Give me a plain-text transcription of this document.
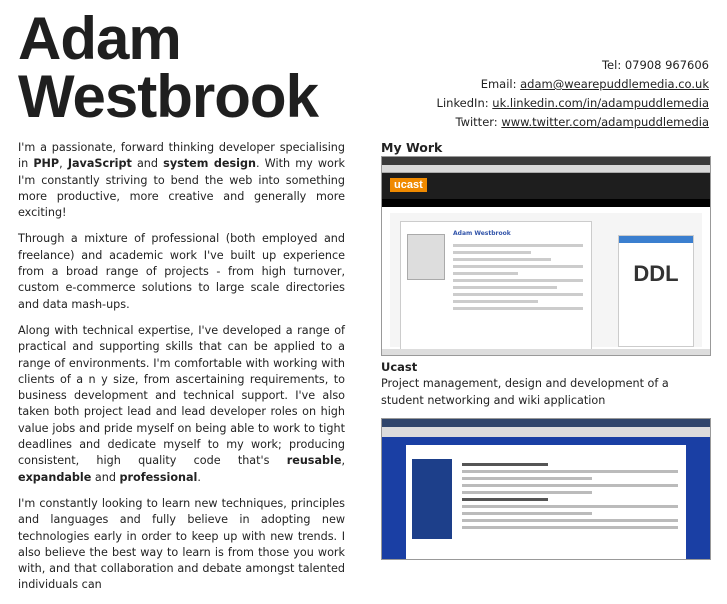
Adam
Westbrook	Tel: 07908 967606
Email: adam@wearepuddlemedia.co.uk
LinkedIn: uk.linkedin.com/in/adampuddlemedia
Twitter: www.twitter.com/adampuddlemedia

I'm a passionate, forward thinking developer specialising in PHP, JavaScript and system design. With my work I'm constantly striving to bend the web into something more productive, more creative and generally more exciting!

Through a mixture of professional (both employed and freelance) and academic work I've built up experience from a broad range of projects - from high turnover, custom e-commerce solutions to large scale directories and data mash-ups.

Along with technical expertise, I've developed a range of practical and supporting skills that can be applied to a range of environments. I'm comfortable with working with clients of a n y size, from ascertaining requirements, to business development and technical support. I've also taken both project lead and lead developer roles on high value jobs and pride myself on being able to work to tight deadlines and dedicate myself to my work; producing consistent, high quality code that's reusable, expandable and professional.

I'm constantly looking to learn new techniques, principles and languages and fully believe in adopting new technologies early in order to keep up with new trends. I also believe the best way to learn is from those you work with, and that collaboration and debate amongst talented individuals can

My Work
ucast
Adam Westbrook
DDL
Ucast
Project management, design and development of a student networking and wiki application
